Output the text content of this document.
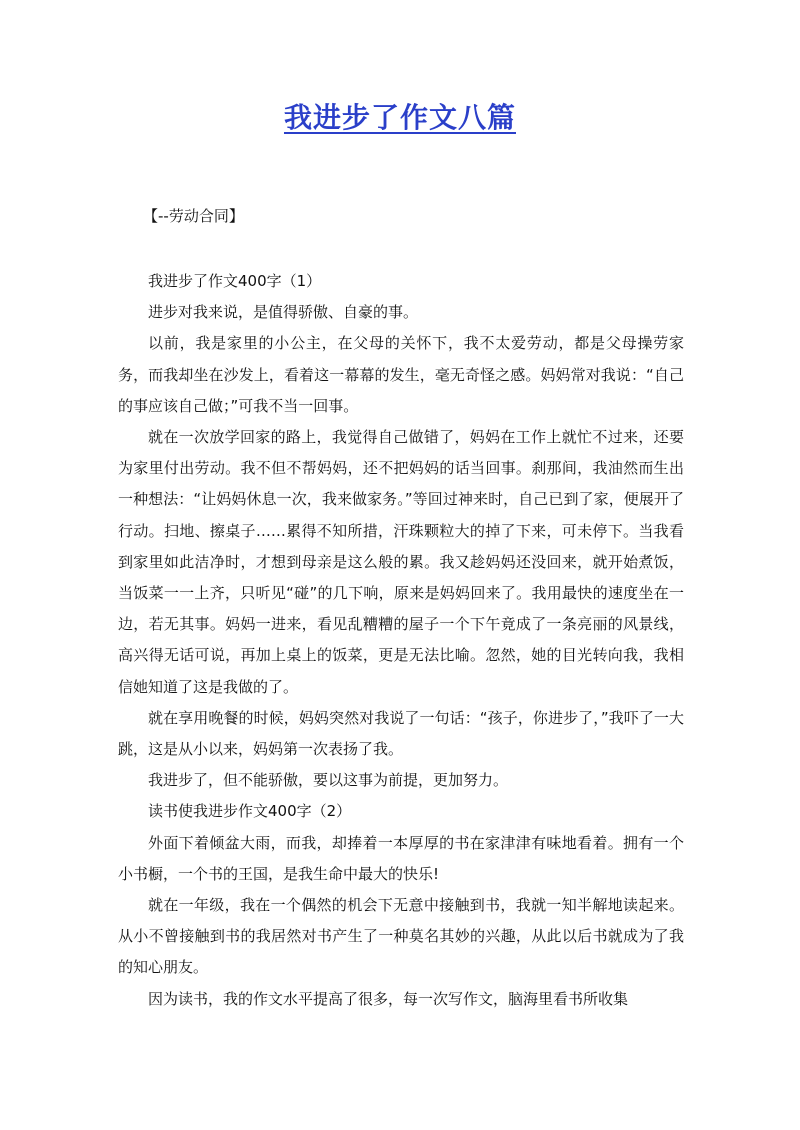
我进步了作文八篇
【--劳动合同】

我进步了作文400字（1）

进步对我来说，是值得骄傲、自豪的事。

以前，我是家里的小公主，在父母的关怀下，我不太爱劳动，都是父母操劳家务，而我却坐在沙发上，看着这一幕幕的发生，毫无奇怪之感。妈妈常对我说：“自己的事应该自己做；”可我不当一回事。

就在一次放学回家的路上，我觉得自己做错了，妈妈在工作上就忙不过来，还要为家里付出劳动。我不但不帮妈妈，还不把妈妈的话当回事。刹那间，我油然而生出一种想法：“让妈妈休息一次，我来做家务。”等回过神来时，自己已到了家，便展开了行动。扫地、擦桌子……累得不知所措，汗珠颗粒大的掉了下来，可未停下。当我看到家里如此洁净时，才想到母亲是这么般的累。我又趁妈妈还没回来，就开始煮饭，当饭菜一一上齐，只听见“碰”的几下响，原来是妈妈回来了。我用最快的速度坐在一边，若无其事。妈妈一进来，看见乱糟糟的屋子一个下午竟成了一条亮丽的风景线，高兴得无话可说，再加上桌上的饭菜，更是无法比喻。忽然，她的目光转向我，我相信她知道了这是我做的了。

就在享用晚餐的时候，妈妈突然对我说了一句话：“孩子，你进步了，”我吓了一大跳，这是从小以来，妈妈第一次表扬了我。

我进步了，但不能骄傲，要以这事为前提，更加努力。

读书使我进步作文400字（2）

外面下着倾盆大雨，而我，却捧着一本厚厚的书在家津津有味地看着。拥有一个小书橱，一个书的王国，是我生命中最大的快乐!

就在一年级，我在一个偶然的机会下无意中接触到书，我就一知半解地读起来。从小不曾接触到书的我居然对书产生了一种莫名其妙的兴趣，从此以后书就成为了我的知心朋友。

因为读书，我的作文水平提高了很多，每一次写作文，脑海里看书所收集
